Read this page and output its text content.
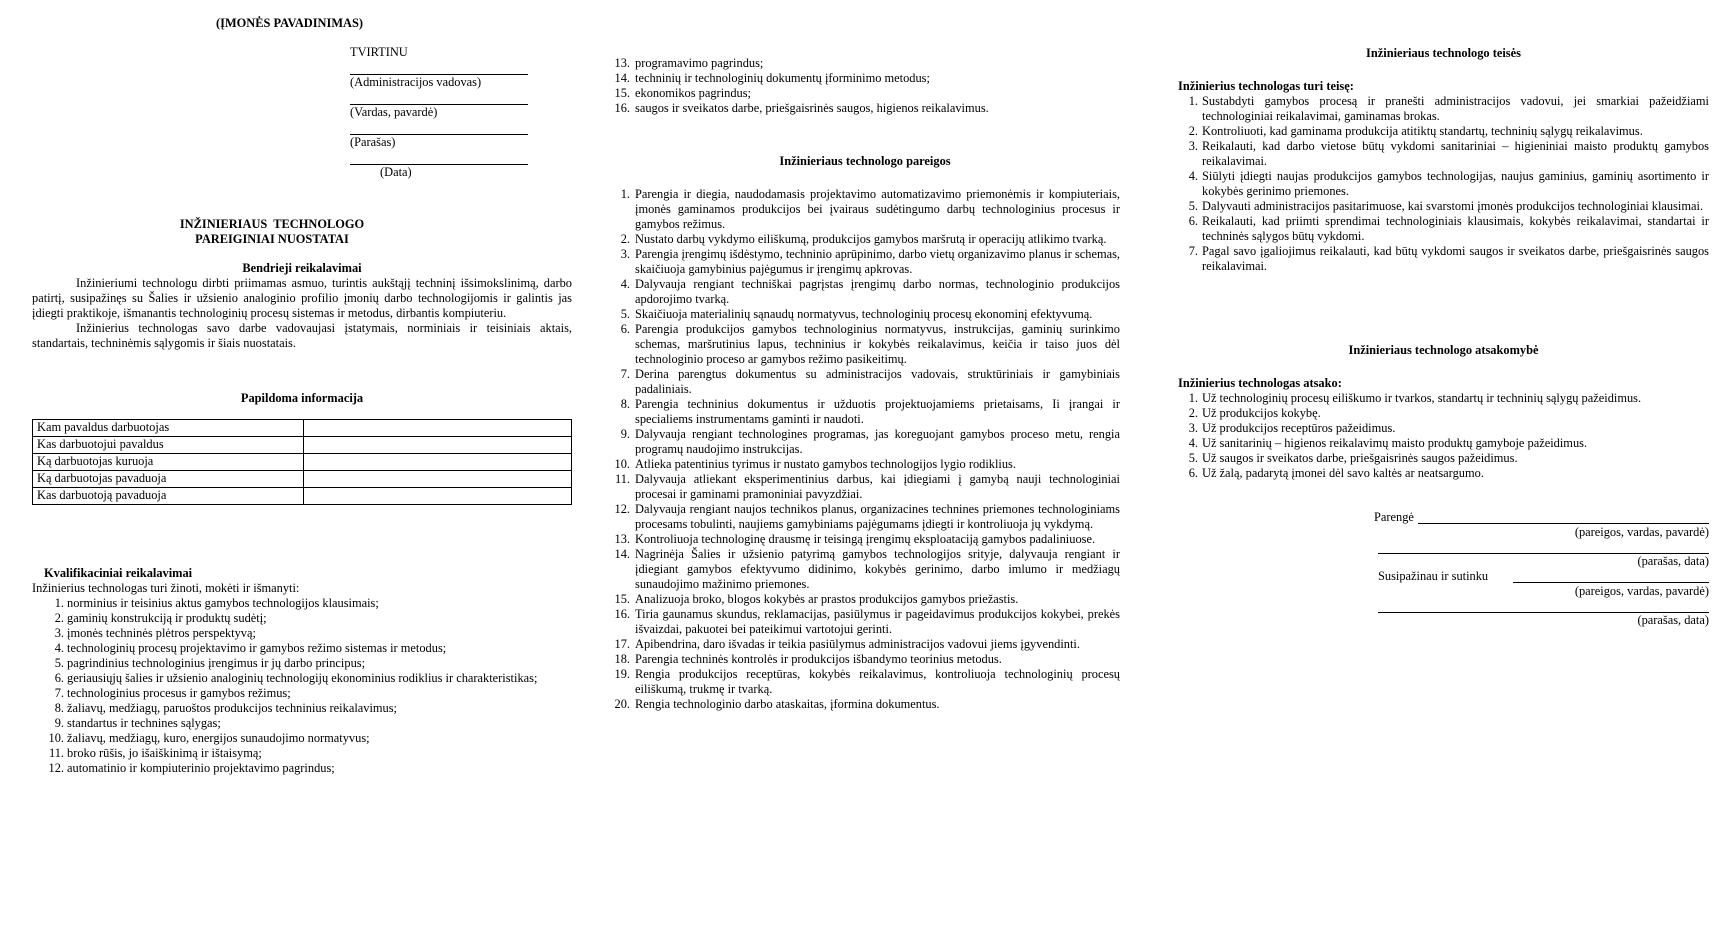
(ĮMONĖS PAVADINIMAS)
TVIRTINU
(Administracijos vadovas)
(Vardas, pavardė)
(Parašas)
(Data)
INŽINIERIAUS  TECHNOLOGO
PAREIGINIAI NUOSTATAI
Bendrieji reikalavimai
Inžinieriumi technologu dirbti priimamas asmuo, turintis aukštąjį techninį išsimokslinimą, darbo patirtį, susipažinęs su Šalies ir užsienio analoginio profilio įmonių darbo technologijomis ir galintis jas įdiegti praktikoje, išmanantis technologinių procesų sistemas ir metodus, dirbantis kompiuteriu.
Inžinierius technologas savo darbe vadovaujasi įstatymais, norminiais ir teisiniais aktais, standartais, techninėmis sąlygomis ir šiais nuostatais.
Papildoma informacija
Kam pavaldus darbuotojas	
Kas darbuotojui pavaldus	
Ką darbuotojas kuruoja	
Ką darbuotojas pavaduoja	
Kas darbuotoją pavaduoja	
Kvalifikaciniai reikalavimai
Inžinierius technologas turi žinoti, mokėti ir išmanyti:
1. norminius ir teisinius aktus gamybos technologijos klausimais;
2. gaminių konstrukciją ir produktų sudėtį;
3. įmonės techninės plėtros perspektyvą;
4. technologinių procesų projektavimo ir gamybos režimo sistemas ir metodus;
5. pagrindinius technologinius įrengimus ir jų darbo principus;
6. geriausiųjų šalies ir užsienio analoginių technologijų ekonominius rodiklius ir charakteristikas;
7. technologinius procesus ir gamybos režimus;
8. žaliavų, medžiagų, paruoštos produkcijos techninius reikalavimus;
9. standartus ir technines sąlygas;
10. žaliavų, medžiagų, kuro, energijos sunaudojimo normatyvus;
11. broko rūšis, jo išaiškinimą ir ištaisymą;
12. automatinio ir kompiuterinio projektavimo pagrindus;
13. programavimo pagrindus;
14. techninių ir technologinių dokumentų įforminimo metodus;
15. ekonomikos pagrindus;
16. saugos ir sveikatos darbe, priešgaisrinės saugos, higienos reikalavimus.
Inžinieriaus technologo pareigos
1. Parengia ir diegia, naudodamasis projektavimo automatizavimo priemonėmis ir kompiuteriais, įmonės gaminamos produkcijos bei įvairaus sudėtingumo darbų technologinius procesus ir gamybos režimus.
2. Nustato darbų vykdymo eiliškumą, produkcijos gamybos maršrutą ir operacijų atlikimo tvarką.
3. Parengia įrengimų išdėstymo, techninio aprūpinimo, darbo vietų organizavimo planus ir schemas, skaičiuoja gamybinius pajėgumus ir įrengimų apkrovas.
4. Dalyvauja rengiant techniškai pagrįstas įrengimų darbo normas, technologinio produkcijos apdorojimo tvarką.
5. Skaičiuoja materialinių sąnaudų normatyvus, technologinių procesų ekonominį efektyvumą.
6. Parengia produkcijos gamybos technologinius normatyvus, instrukcijas, gaminių surinkimo schemas, maršrutinius lapus, techninius ir kokybės reikalavimus, keičia ir taiso juos dėl technologinio proceso ar gamybos režimo pasikeitimų.
7. Derina parengtus dokumentus su administracijos vadovais, struktūriniais ir gamybiniais padaliniais.
8. Parengia techninius dokumentus ir užduotis projektuojamiems prietaisams, Ii įrangai ir specialiems instrumentams gaminti ir naudoti.
9. Dalyvauja rengiant technologines programas, jas koreguojant gamybos proceso metu, rengia programų naudojimo instrukcijas.
10. Atlieka patentinius tyrimus ir nustato gamybos technologijos lygio rodiklius.
11. Dalyvauja atliekant eksperimentinius darbus, kai įdiegiami į gamybą nauji technologiniai procesai ir gaminami pramoniniai pavyzdžiai.
12. Dalyvauja rengiant naujos technikos planus, organizacines technines priemones technologiniams procesams tobulinti, naujiems gamybiniams pajėgumams įdiegti ir kontroliuoja jų vykdymą.
13. Kontroliuoja technologinę drausmę ir teisingą įrengimų eksploataciją gamybos padaliniuose.
14. Nagrinėja Šalies ir užsienio patyrimą gamybos technologijos srityje, dalyvauja rengiant ir įdiegiant gamybos efektyvumo didinimo, kokybės gerinimo, darbo imlumo ir medžiagų sunaudojimo mažinimo priemones.
15. Analizuoja broko, blogos kokybės ar prastos produkcijos gamybos priežastis.
16. Tiria gaunamus skundus, reklamacijas, pasiūlymus ir pageidavimus produkcijos kokybei, prekės išvaizdai, pakuotei bei pateikimui vartotojui gerinti.
17. Apibendrina, daro išvadas ir teikia pasiūlymus administracijos vadovui jiems įgyvendinti.
18. Parengia techninės kontrolės ir produkcijos išbandymo teorinius metodus.
19. Rengia produkcijos receptūras, kokybės reikalavimus, kontroliuoja technologinių procesų eiliškumą, trukmę ir tvarką.
20. Rengia technologinio darbo ataskaitas, įformina dokumentus.
Inžinieriaus technologo teisės
Inžinierius technologas turi teisę:
1. Sustabdyti gamybos procesą ir pranešti administracijos vadovui, jei smarkiai pažeidžiami technologiniai reikalavimai, gaminamas brokas.
2. Kontroliuoti, kad gaminama produkcija atitiktų standartų, techninių sąlygų reikalavimus.
3. Reikalauti, kad darbo vietose būtų vykdomi sanitariniai – higieniniai maisto produktų gamybos reikalavimai.
4. Siūlyti įdiegti naujas produkcijos gamybos technologijas, naujus gaminius, gaminių asortimento ir kokybės gerinimo priemones.
5. Dalyvauti administracijos pasitarimuose, kai svarstomi įmonės produkcijos technologiniai klausimai.
6. Reikalauti, kad priimti sprendimai technologiniais klausimais, kokybės reikalavimai, standartai ir techninės sąlygos būtų vykdomi.
7. Pagal savo įgaliojimus reikalauti, kad būtų vykdomi saugos ir sveikatos darbe, priešgaisrinės saugos reikalavimai.
Inžinieriaus technologo atsakomybė
Inžinierius technologas atsako:
1. Už technologinių procesų eiliškumo ir tvarkos, standartų ir techninių sąlygų pažeidimus.
2. Už produkcijos kokybę.
3. Už produkcijos receptūros pažeidimus.
4. Už sanitarinių – higienos reikalavimų maisto produktų gamyboje pažeidimus.
5. Už saugos ir sveikatos darbe, priešgaisrinės saugos pažeidimus.
6. Už žalą, padarytą įmonei dėl savo kaltės ar neatsargumo.
Parengė
(pareigos, vardas, pavardė)
(parašas, data)
Susipažinau ir sutinku
(pareigos, vardas, pavardė)
(parašas, data)
